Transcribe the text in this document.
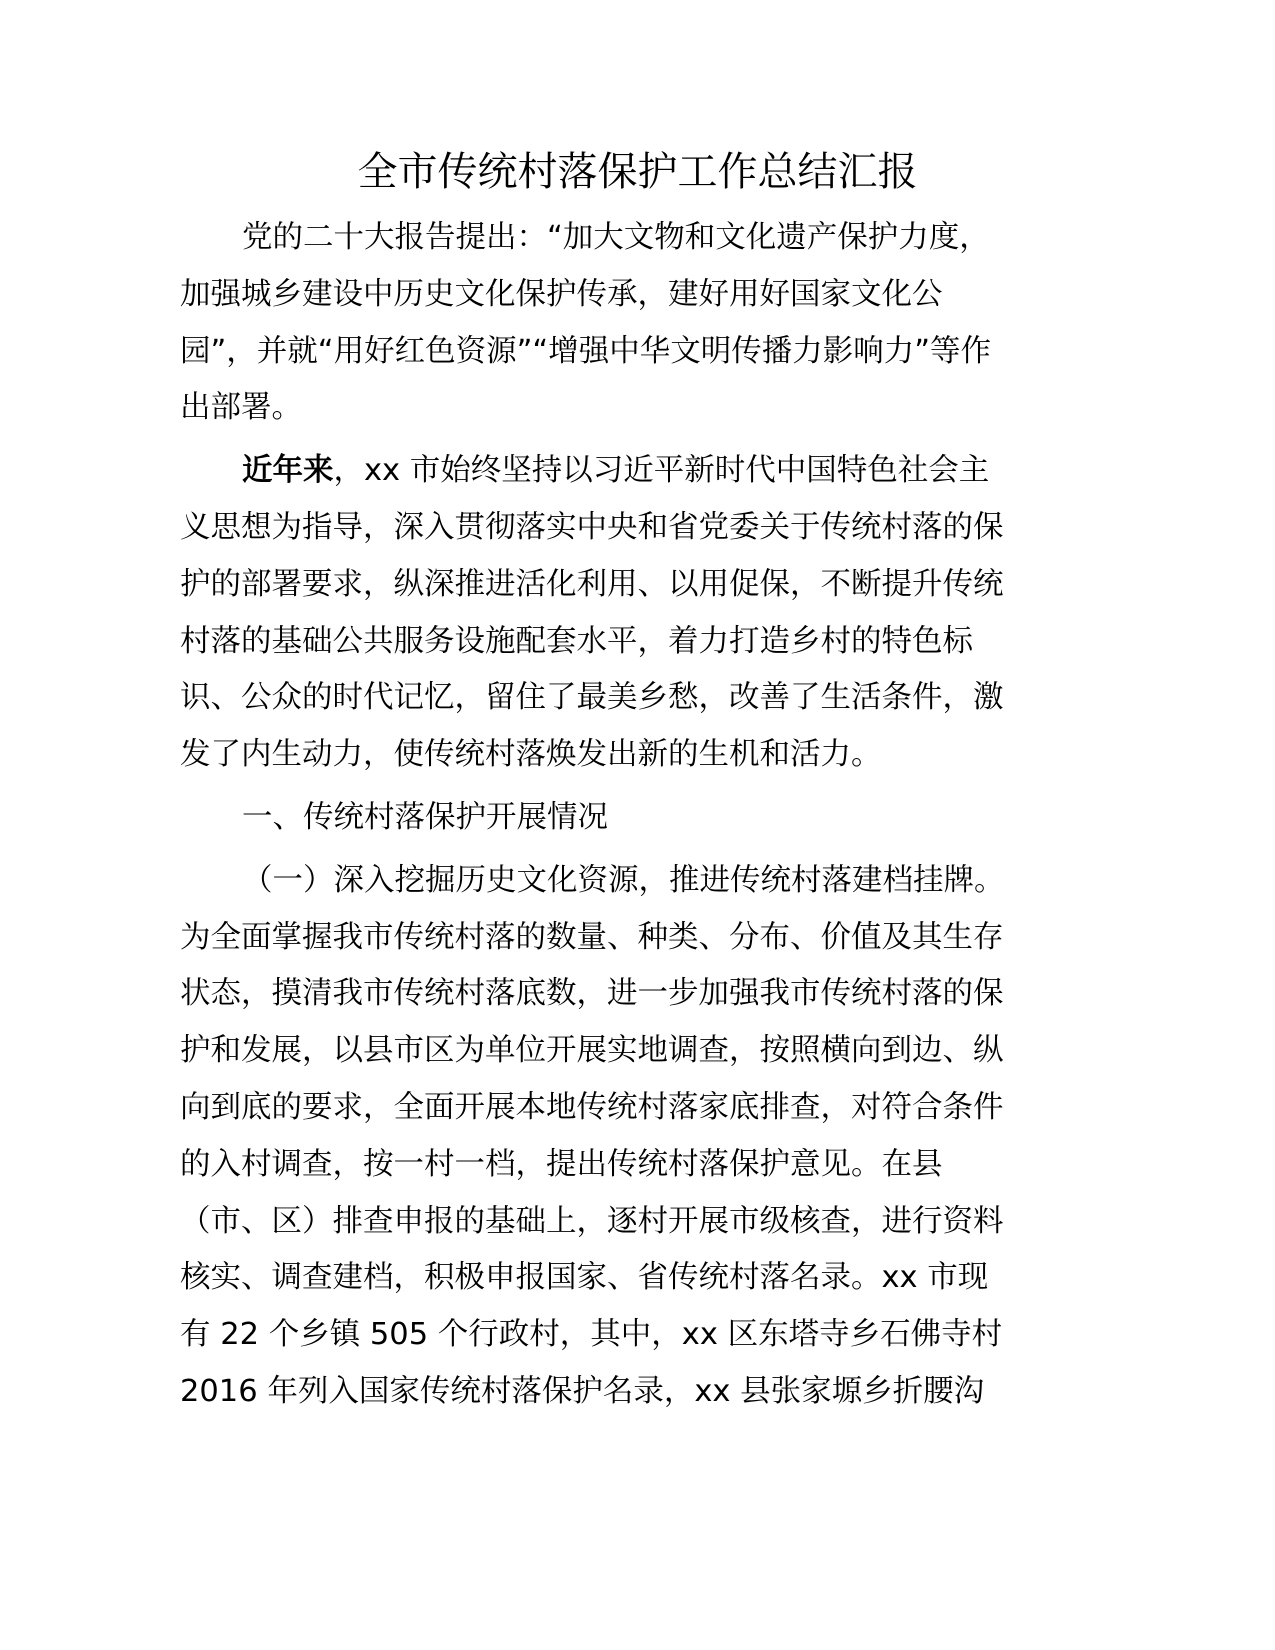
全市传统村落保护工作总结汇报
党的二十大报告提出：“加大文物和文化遗产保护力度，
加强城乡建设中历史文化保护传承，建好用好国家文化公
园”，并就“用好红色资源”“增强中华文明传播力影响力”等作
出部署。
近年来，xx 市始终坚持以习近平新时代中国特色社会主
义思想为指导，深入贯彻落实中央和省党委关于传统村落的保
护的部署要求，纵深推进活化利用、以用促保，不断提升传统
村落的基础公共服务设施配套水平，着力打造乡村的特色标
识、公众的时代记忆，留住了最美乡愁，改善了生活条件，激
发了内生动力，使传统村落焕发出新的生机和活力。
一、传统村落保护开展情况
（一）深入挖掘历史文化资源，推进传统村落建档挂牌。
为全面掌握我市传统村落的数量、种类、分布、价值及其生存
状态，摸清我市传统村落底数，进一步加强我市传统村落的保
护和发展，以县市区为单位开展实地调查，按照横向到边、纵
向到底的要求，全面开展本地传统村落家底排查，对符合条件
的入村调查，按一村一档，提出传统村落保护意见。在县
（市、区）排查申报的基础上，逐村开展市级核查，进行资料
核实、调查建档，积极申报国家、省传统村落名录。xx 市现
有 22 个乡镇 505 个行政村，其中，xx 区东塔寺乡石佛寺村
2016 年列入国家传统村落保护名录，xx 县张家塬乡折腰沟
